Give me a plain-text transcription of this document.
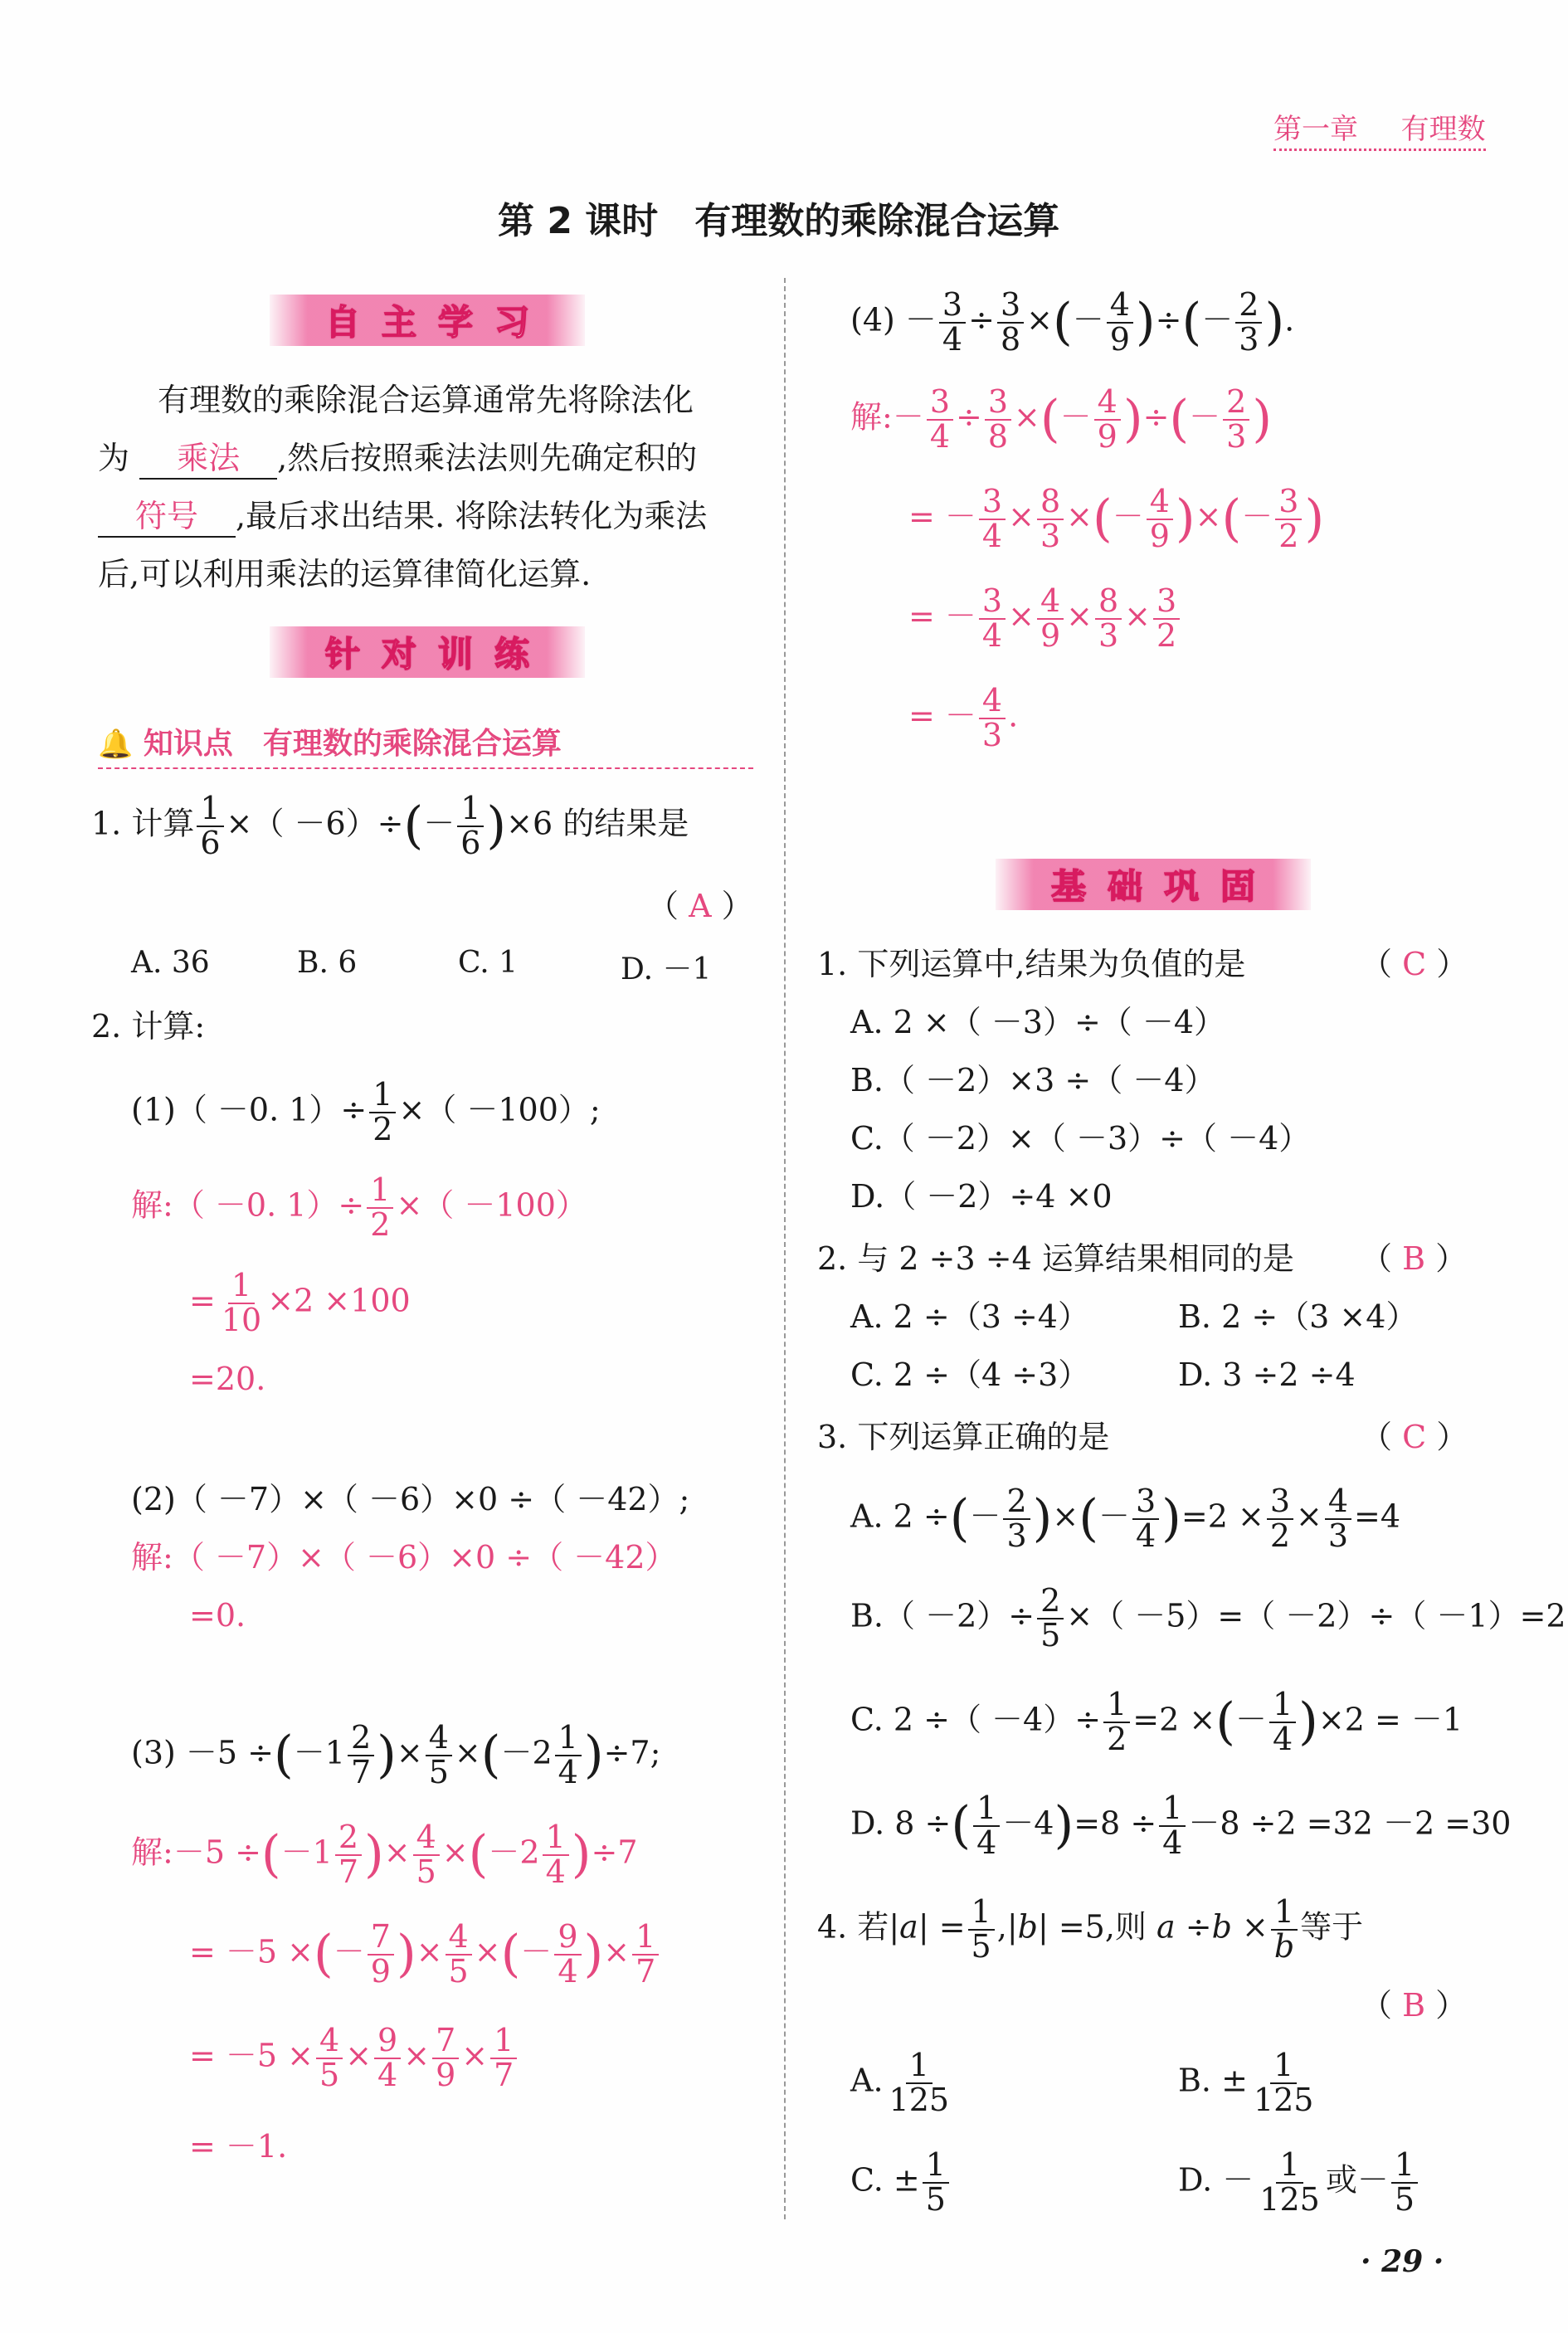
第一章 有理数
第 2 课时　有理数的乘除混合运算
自主学习
有理数的乘除混合运算通常先将除法化
为 乘法 ,然后按照乘法法则先确定积的
符号 ,最后求出结果. 将除法转化为乘法
后,可以利用乘法的运算律简化运算.
针对训练
🔔 知识点　有理数的乘除混合运算
1. 计算 $\frac{1}{6}$ ×（ $-6)\div(- \frac{1}{6} )\times 6$ 的结果是
（ A ）
A. 36	B. 6	C. 1	D. －1
2. 计算:
(1)（ －0. $1)\div \frac{1}{2}$ ×（ －100）;
解:（ －0. $1)\div \frac{1}{2}$ ×（ －100）
= $\frac{1}{10} \times 2 \times 100$
=20.
(2)（ －7）×（ －6）×0 ÷（ －42）;
解:（ －7）×（ －6）×0 ÷（ －42）
=0.
$(3) -5 \div(-1 \frac{2}{7}$ )× $\frac{4}{5} \times(-2 \frac{1}{4} )\div 7$;
解:－5 $\div(-1 \frac{2}{7}$ )× $\frac{4}{5} \times(-2 \frac{1}{4} )\div 7$
= －5 ×(－ $\frac{7}{9}$ )× $\frac{4}{5}$ ×(－ $\frac{9}{4}$ )× $\frac{1}{7}$
= $-5 \times \frac{4}{5} \times \frac{9}{4} \times \frac{7}{9} \times \frac{1}{7}$
= －1.
$(4) - \frac{3}{4} \div \frac{3}{8}$ ×(－ $\frac{4}{9}$ )÷(－ $\frac{2}{3}$ ).
解:－ $\frac{3}{4} \div \frac{3}{8}$ ×(－ $\frac{4}{9}$ )÷(－ $\frac{2}{3}$ )
= － $\frac{3}{4} \times \frac{8}{3}$ ×(－ $\frac{4}{9}$ )×(－ $\frac{3}{2}$ )
= － $\frac{3}{4} \times \frac{4}{9} \times \frac{8}{3} \times \frac{3}{2}$
= － $\frac{4}{3}$ .
基础巩固
1. 下列运算中,结果为负值的是	（ C ）
A. 2 ×（ －3）÷（ －4）
B.（ －2）×3 ÷（ －4）
C.（ －2）×（ －3）÷（ －4）
D.（ －2）÷4 ×0
2. 与 2 ÷3 ÷4 运算结果相同的是 （ B ）
A. 2 ÷（3 ÷4）	B. 2 ÷（3 ×4）
C. 2 ÷（4 ÷3）	D. 3 ÷2 ÷4
3. 下列运算正确的是	（ C ）
A. 2 ÷(－ $\frac{2}{3}$ )×(－ $\frac{3}{4} )=2 \times \frac{3}{2} \times \frac{4}{3} =4$
$B.( -2)\div \frac{2}{5}$ ×（ －5）=（ －2）÷（ －1）=2
C. 2 ÷（ $-4)\div \frac{1}{2} =2$ ×(－ $\frac{1}{4} )\times 2 = -1$
D. 8 ÷( $\frac{1}{4} -4)=8 \div \frac{1}{4} -8 \div 2 =32 -2 =30$
4. 若$|a| = \frac{1}{5} ,|b| =5$,则 $a \div b \times \frac{1}{b}$ 等于
（ B ）
A. $\frac{1}{125}$	B. ± $\frac{1}{125}$
C. ± $\frac{1}{5}$	D. － $\frac{1}{125}$ 或－ $\frac{1}{5}$
· 29 ·
